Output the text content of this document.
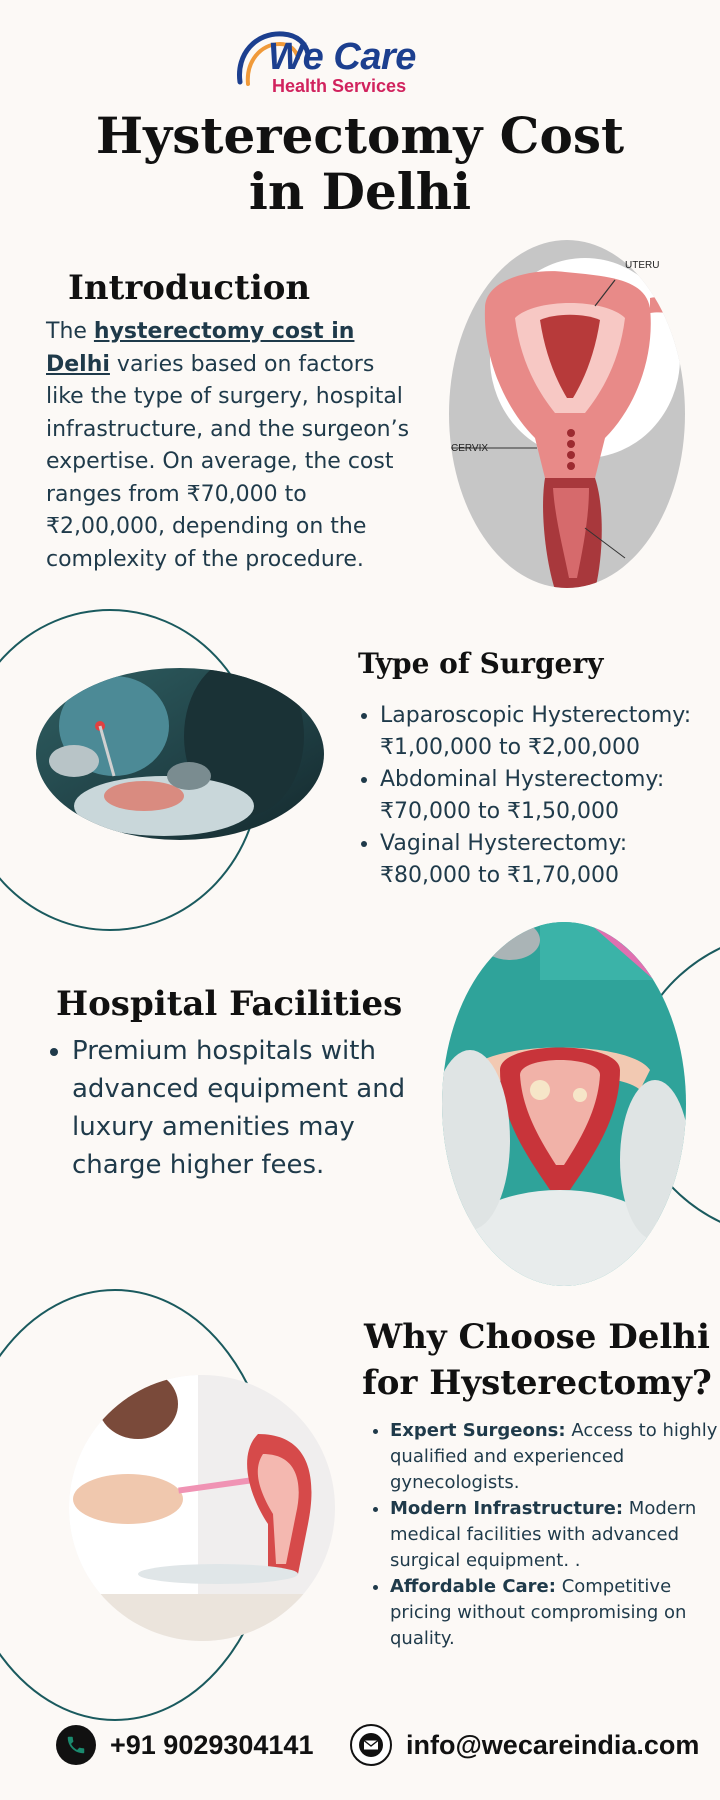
We Care
Health Services
Hysterectomy Cost in Delhi
Introduction
The hysterectomy cost in Delhi varies based on factors like the type of surgery, hospital infrastructure, and the surgeon’s expertise. On average, the cost ranges from ₹70,000 to ₹2,00,000, depending on the complexity of the procedure.
UTERU
CERVIX
Type of Surgery
• Laparoscopic Hysterectomy: ₹1,00,000 to ₹2,00,000
• Abdominal Hysterectomy: ₹70,000 to ₹1,50,000
• Vaginal Hysterectomy: ₹80,000 to ₹1,70,000
Hospital Facilities
• Premium hospitals with advanced equipment and luxury amenities may charge higher fees.
Why Choose Delhi for Hysterectomy?
• Expert Surgeons: Access to highly qualified and experienced gynecologists.
• Modern Infrastructure: Modern medical facilities with advanced surgical equipment. .
• Affordable Care: Competitive pricing without compromising on quality.
+91 9029304141	info@wecareindia.com
